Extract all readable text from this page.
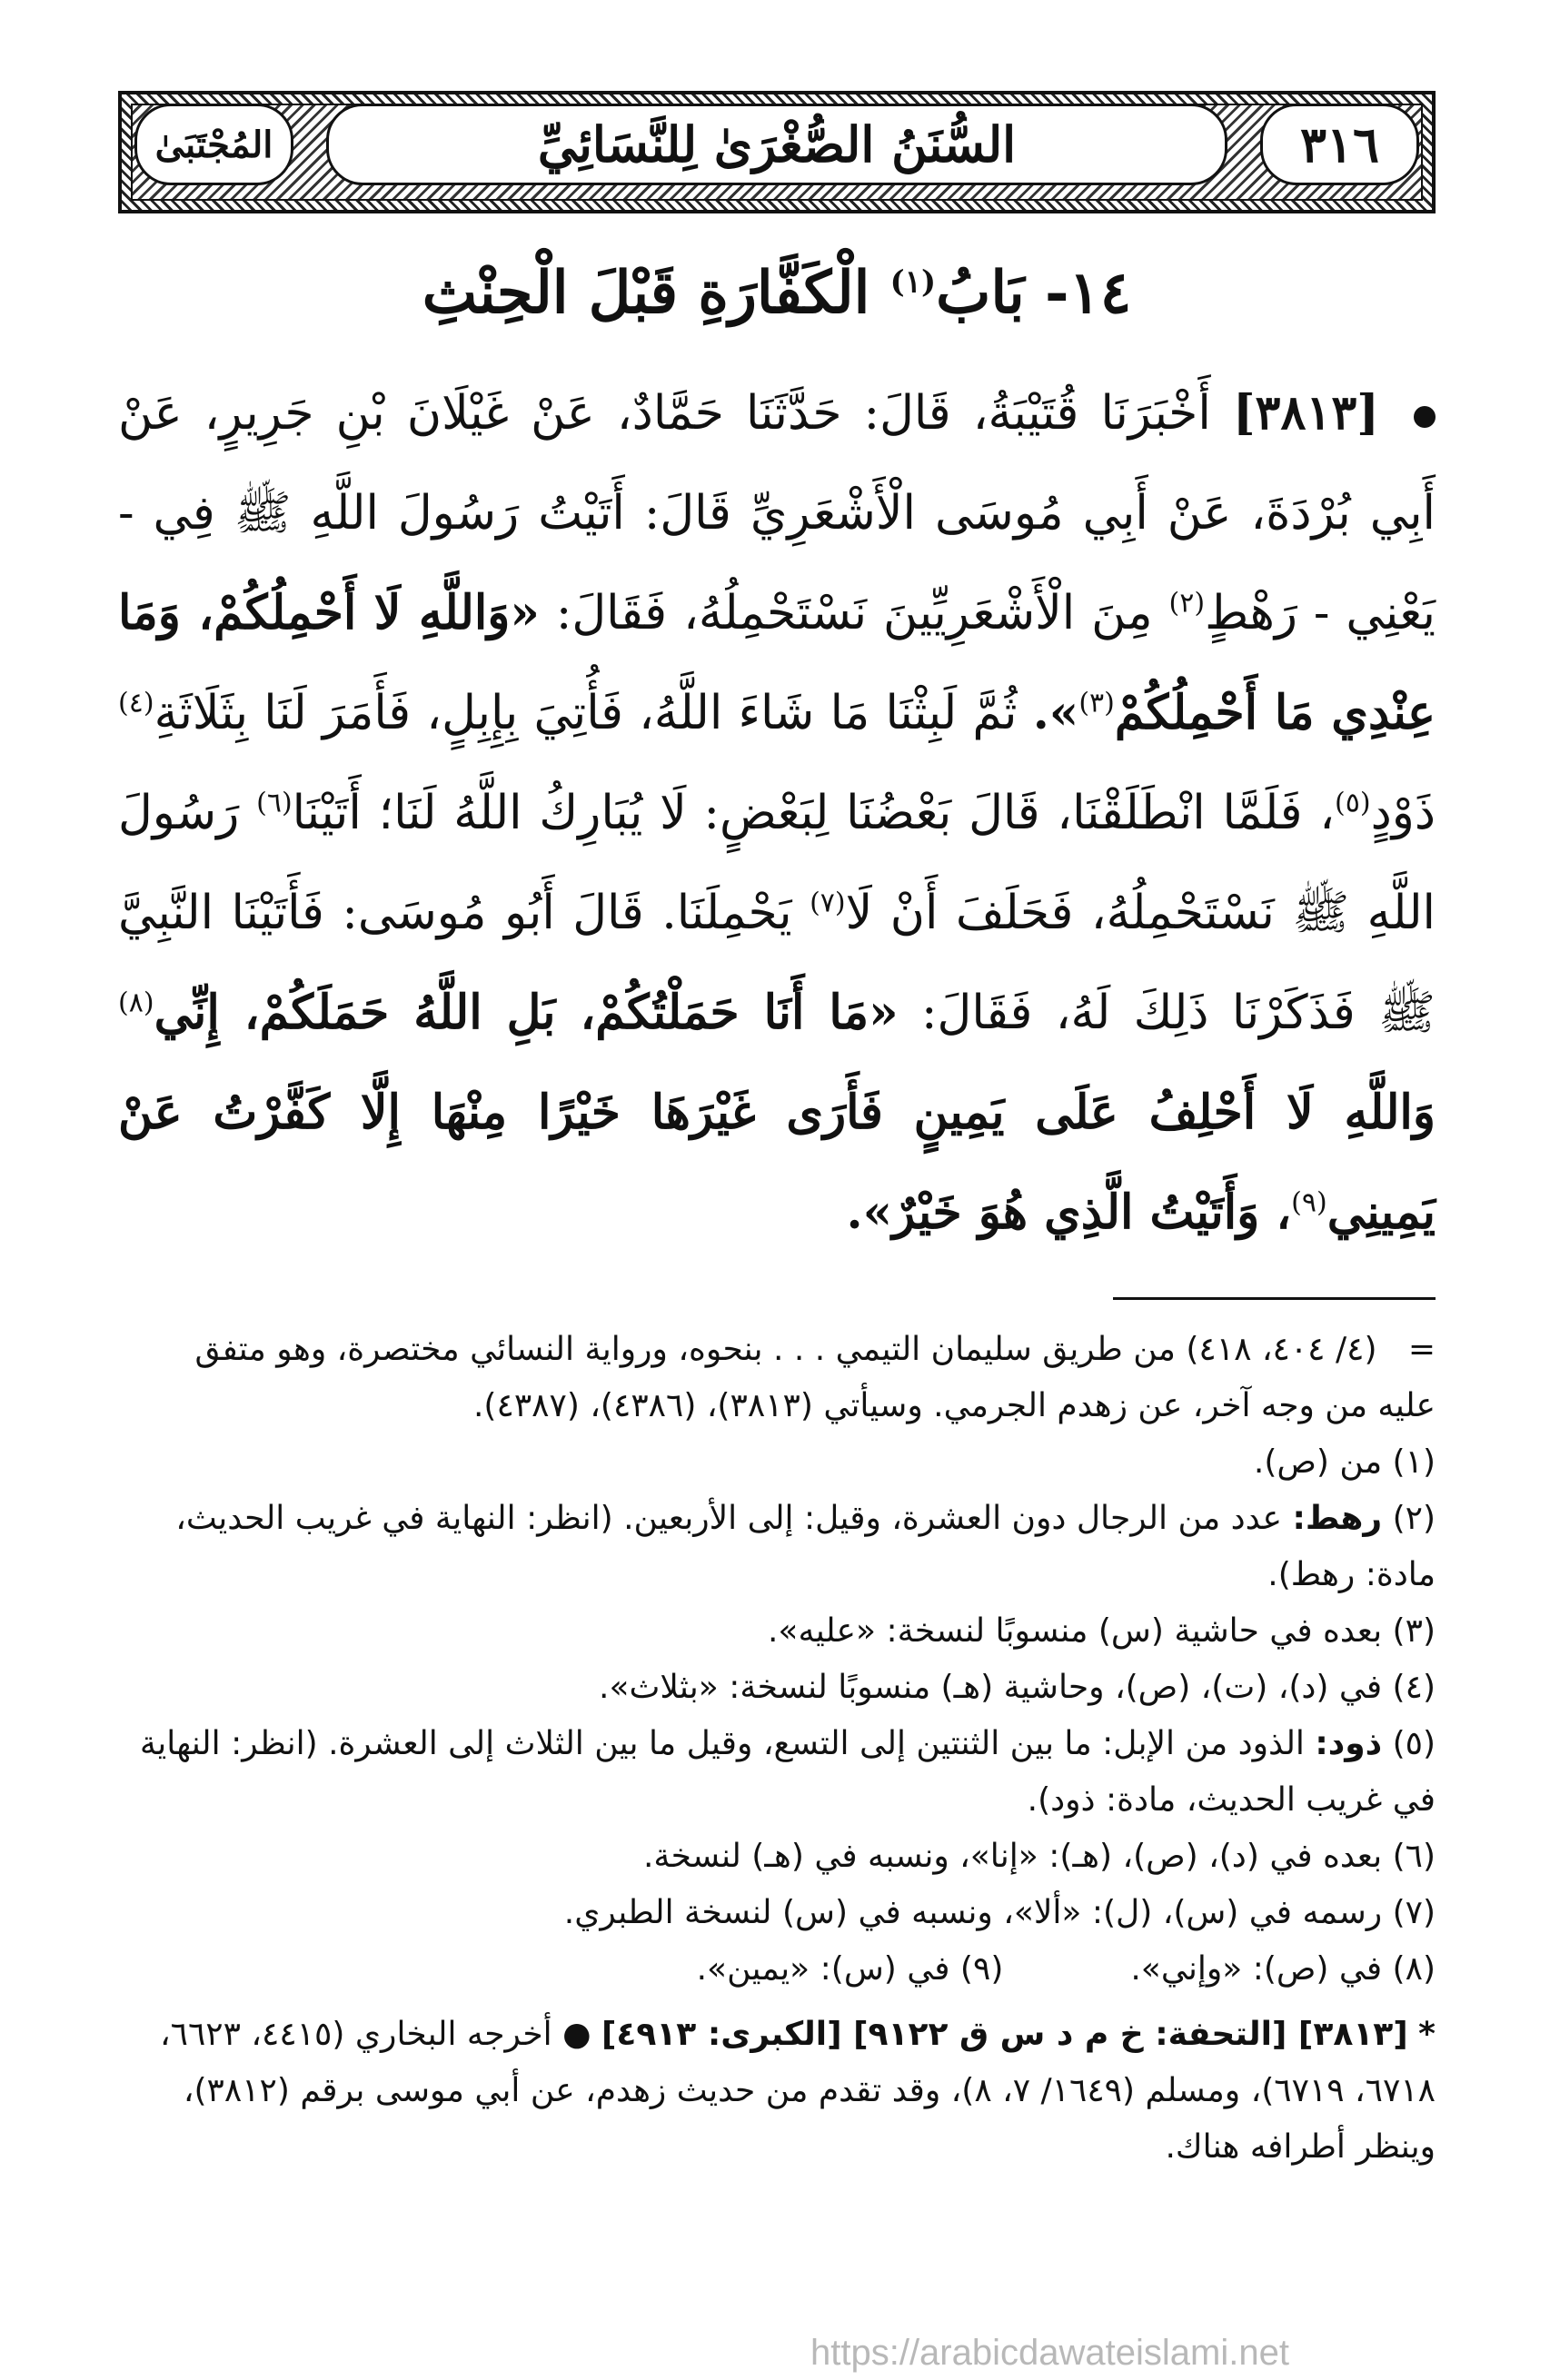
٣١٦
السُّنَنُ الصُّغْرَىٰ لِلنَّسَائِيِّ
المُجْتَبَىٰ
١٤- بَابُ$^{(١)}$ الْكَفَّارَةِ قَبْلَ الْحِنْثِ
[٣٨١٣] أَخْبَرَنَا قُتَيْبَةُ، قَالَ: حَدَّثَنَا حَمَّادٌ، عَنْ غَيْلَانَ بْنِ جَرِيرٍ، عَنْ أَبِي بُرْدَةَ، عَنْ أَبِي مُوسَى الْأَشْعَرِيِّ قَالَ: أَتَيْتُ رَسُولَ اللَّهِ ﷺ فِي - يَعْنِي - رَهْطٍ$^{(٢)}$ مِنَ الْأَشْعَرِيِّينَ نَسْتَحْمِلُهُ، فَقَالَ: «وَاللَّهِ لَا أَحْمِلُكُمْ، وَمَا عِنْدِي مَا أَحْمِلُكُمْ$^{(٣)}$». ثُمَّ لَبِثْنَا مَا شَاءَ اللَّهُ، فَأُتِيَ بِإِبِلٍ، فَأَمَرَ لَنَا بِثَلَاثَةِ$^{(٤)}$ ذَوْدٍ$^{(٥)}$، فَلَمَّا انْطَلَقْنَا، قَالَ بَعْضُنَا لِبَعْضٍ: لَا يُبَارِكُ اللَّهُ لَنَا؛ أَتَيْنَا$^{(٦)}$ رَسُولَ اللَّهِ ﷺ نَسْتَحْمِلُهُ، فَحَلَفَ أَنْ لَا$^{(٧)}$ يَحْمِلَنَا. قَالَ أَبُو مُوسَى: فَأَتَيْنَا النَّبِيَّ ﷺ فَذَكَرْنَا ذَلِكَ لَهُ، فَقَالَ: «مَا أَنَا حَمَلْتُكُمْ، بَلِ اللَّهُ حَمَلَكُمْ، إِنِّي$^{(٨)}$ وَاللَّهِ لَا أَحْلِفُ عَلَى يَمِينٍ فَأَرَى غَيْرَهَا خَيْرًا مِنْهَا إِلَّا كَفَّرْتُ عَنْ يَمِينِي$^{(٩)}$، وَأَتَيْتُ الَّذِي هُوَ خَيْرٌ».
=   (٤/ ٤٠٤، ٤١٨) من طريق سليمان التيمي . . . بنحوه، ورواية النسائي مختصرة، وهو متفق
عليه من وجه آخر، عن زهدم الجرمي. وسيأتي (٣٨١٣)، (٤٣٨٦)، (٤٣٨٧).
(١) من (ص).
(٢) رهط: عدد من الرجال دون العشرة، وقيل: إلى الأربعين. (انظر: النهاية في غريب الحديث،
مادة: رهط).
(٣) بعده في حاشية (س) منسوبًا لنسخة: «عليه».
(٤) في (د)، (ت)، (ص)، وحاشية (هـ) منسوبًا لنسخة: «بثلاث».
(٥) ذود: الذود من الإبل: ما بين الثنتين إلى التسع، وقيل ما بين الثلاث إلى العشرة. (انظر: النهاية
في غريب الحديث، مادة: ذود).
(٦) بعده في (د)، (ص)، (هـ): «إنا»، ونسبه في (هـ) لنسخة.
(٧) رسمه في (س)، (ل): «ألا»، ونسبه في (س) لنسخة الطبري.
(٨) في (ص): «وإني».
(٩) في (س): «يمين».
* [٣٨١٣] [التحفة: خ م د س ق ٩١٢٢] [الكبرى: ٤٩١٣] ● أخرجه البخاري (٤٤١٥، ٦٦٢٣، ٦٧١٨، ٦٧١٩)، ومسلم (١٦٤٩/ ٧، ٨)، وقد تقدم من حديث زهدم، عن أبي موسى برقم (٣٨١٢)، وينظر أطرافه هناك.
https://arabicdawateislami.net
